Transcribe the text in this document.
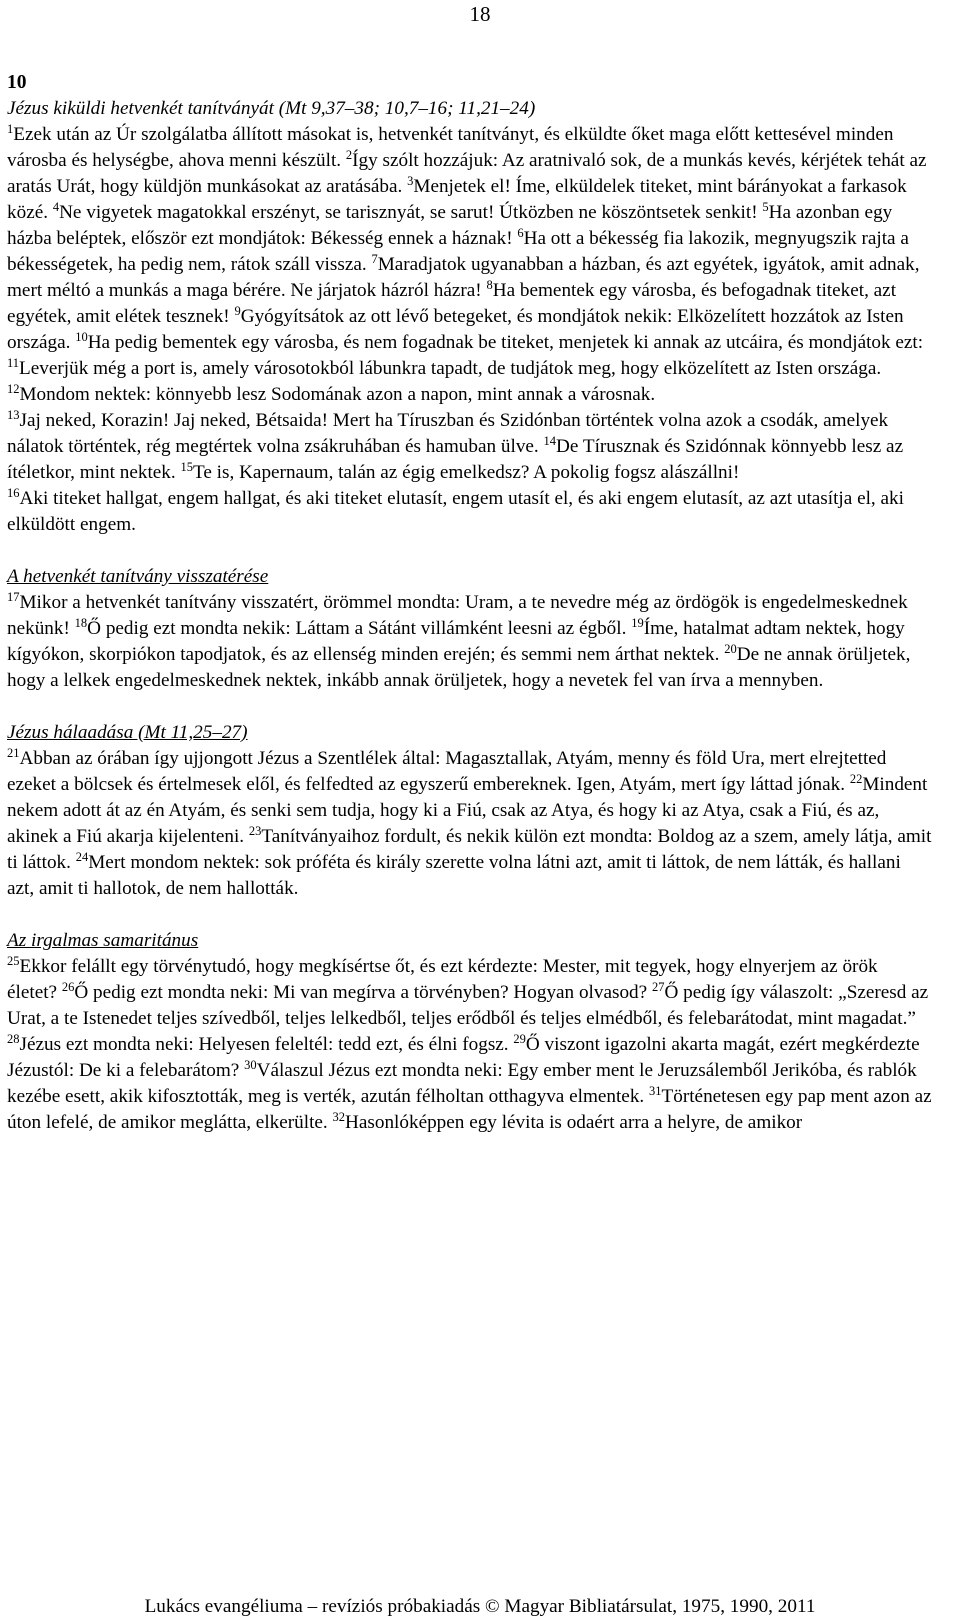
18
10
Jézus kiküldi hetvenkét tanítványát (Mt 9,37–38; 10,7–16; 11,21–24)

$^1$Ezek után az Úr szolgálatba állított másokat is, hetvenkét tanítványt, és elküldte őket maga előtt kettesével minden városba és helységbe, ahova menni készült. $^2$Így szólt hozzájuk: Az aratnivaló sok, de a munkás kevés, kérjétek tehát az aratás Urát, hogy küldjön munkásokat az aratásába. $^3$Menjetek el! Íme, elküldelek titeket, mint bárányokat a farkasok közé. $^4$Ne vigyetek magatokkal erszényt, se tarisznyát, se sarut! Útközben ne köszöntsetek senkit! $^5$Ha azonban egy házba beléptek, először ezt mondjátok: Békesség ennek a háznak! $^6$Ha ott a békesség fia lakozik, megnyugszik rajta a békességetek, ha pedig nem, rátok száll vissza. $^7$Maradjatok ugyanabban a házban, és azt egyétek, igyátok, amit adnak, mert méltó a munkás a maga bérére. Ne járjatok házról házra! $^8$Ha bementek egy városba, és befogadnak titeket, azt egyétek, amit elétek tesznek! $^9$Gyógyítsátok az ott lévő betegeket, és mondjátok nekik: Elközelített hozzátok az Isten országa. $^{10}$Ha pedig bementek egy városba, és nem fogadnak be titeket, menjetek ki annak az utcáira, és mondjátok ezt: $^{11}$Leverjük még a port is, amely városotokból lábunkra tapadt, de tudjátok meg, hogy elközelített az Isten országa. $^{12}$Mondom nektek: könnyebb lesz Sodomának azon a napon, mint annak a városnak.

$^{13}$Jaj neked, Korazin! Jaj neked, Bétsaida! Mert ha Tíruszban és Szidónban történtek volna azok a csodák, amelyek nálatok történtek, rég megtértek volna zsákruhában és hamuban ülve. $^{14}$De Tírusznak és Szidónnak könnyebb lesz az ítéletkor, mint nektek. $^{15}$Te is, Kapernaum, talán az égig emelkedsz? A pokolig fogsz alászállni!

$^{16}$Aki titeket hallgat, engem hallgat, és aki titeket elutasít, engem utasít el, és aki engem elutasít, az azt utasítja el, aki elküldött engem.

A hetvenkét tanítvány visszatérése

$^{17}$Mikor a hetvenkét tanítvány visszatért, örömmel mondta: Uram, a te nevedre még az ördögök is engedelmeskednek nekünk! $^{18}$Ő pedig ezt mondta nekik: Láttam a Sátánt villámként leesni az égből. $^{19}$Íme, hatalmat adtam nektek, hogy kígyókon, skorpiókon tapodjatok, és az ellenség minden erején; és semmi nem árthat nektek. $^{20}$De ne annak örüljetek, hogy a lelkek engedelmeskednek nektek, inkább annak örüljetek, hogy a nevetek fel van írva a mennyben.

Jézus hálaadása (Mt 11,25–27)

$^{21}$Abban az órában így ujjongott Jézus a Szentlélek által: Magasztallak, Atyám, menny és föld Ura, mert elrejtetted ezeket a bölcsek és értelmesek elől, és felfedted az egyszerű embereknek. Igen, Atyám, mert így láttad jónak. $^{22}$Mindent nekem adott át az én Atyám, és senki sem tudja, hogy ki a Fiú, csak az Atya, és hogy ki az Atya, csak a Fiú, és az, akinek a Fiú akarja kijelenteni. $^{23}$Tanítványaihoz fordult, és nekik külön ezt mondta: Boldog az a szem, amely látja, amit ti láttok. $^{24}$Mert mondom nektek: sok próféta és király szerette volna látni azt, amit ti láttok, de nem látták, és hallani azt, amit ti hallotok, de nem hallották.

Az irgalmas samaritánus

$^{25}$Ekkor felállt egy törvénytudó, hogy megkísértse őt, és ezt kérdezte: Mester, mit tegyek, hogy elnyerjem az örök életet? $^{26}$Ő pedig ezt mondta neki: Mi van megírva a törvényben? Hogyan olvasod? $^{27}$Ő pedig így válaszolt: „Szeresd az Urat, a te Istenedet teljes szívedből, teljes lelkedből, teljes erődből és teljes elmédből, és felebarátodat, mint magadat.” $^{28}$Jézus ezt mondta neki: Helyesen feleltél: tedd ezt, és élni fogsz. $^{29}$Ő viszont igazolni akarta magát, ezért megkérdezte Jézustól: De ki a felebarátom? $^{30}$Válaszul Jézus ezt mondta neki: Egy ember ment le Jeruzsálemből Jerikóba, és rablók kezébe esett, akik kifosztották, meg is verték, azután félholtan otthagyva elmentek. $^{31}$Történetesen egy pap ment azon az úton lefelé, de amikor meglátta, elkerülte. $^{32}$Hasonlóképpen egy lévita is odaért arra a helyre, de amikor

Lukács evangéliuma – revíziós próbakiadás © Magyar Bibliatársulat, 1975, 1990, 2011
